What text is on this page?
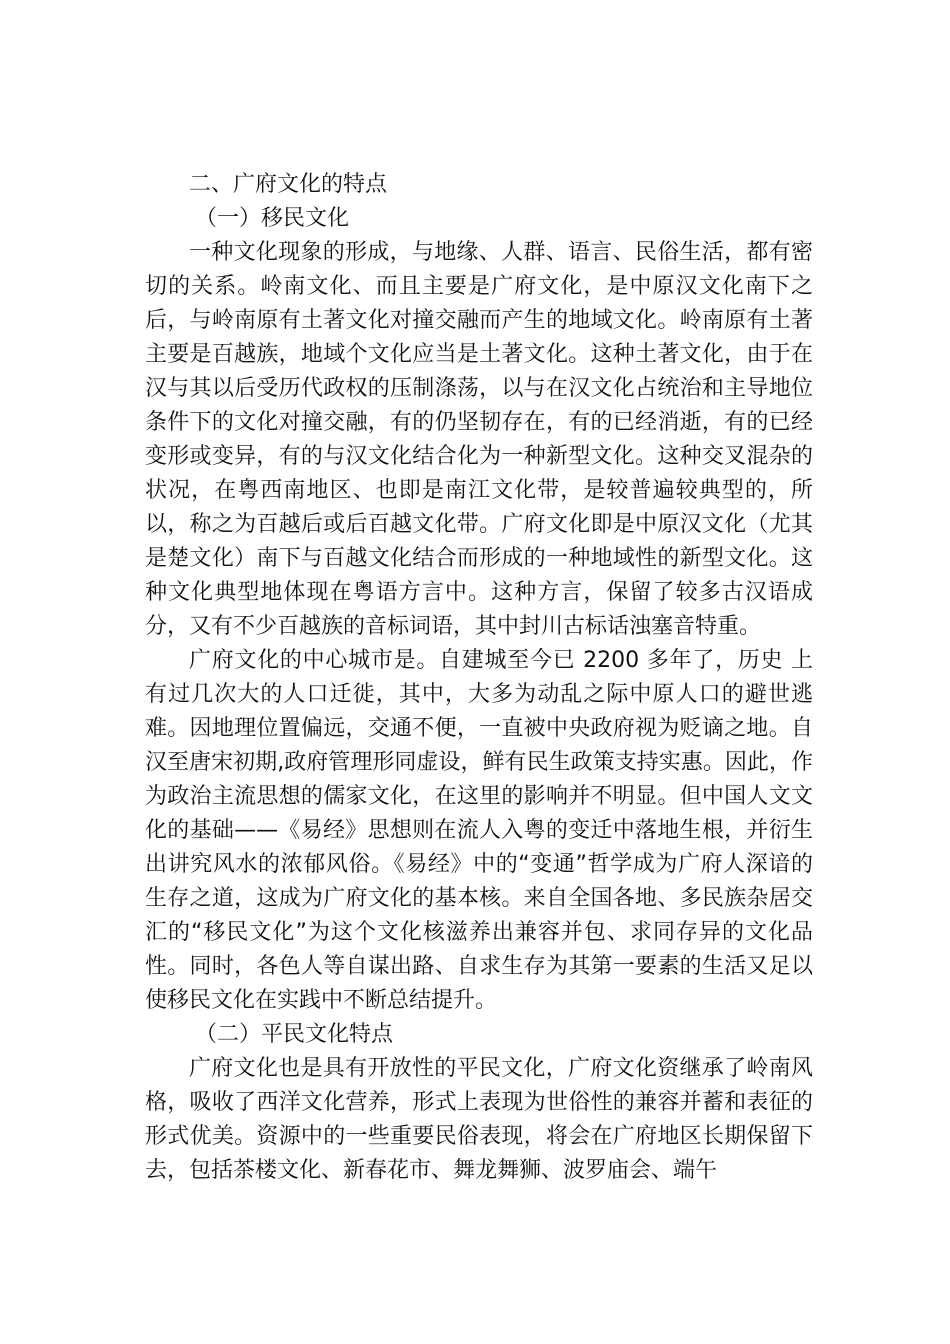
二、广府文化的特点

（一）移民文化

一种文化现象的形成，与地缘、人群、语言、民俗生活，都有密切的关系。岭南文化、而且主要是广府文化，是中原汉文化南下之后，与岭南原有土著文化对撞交融而产生的地域文化。岭南原有土著主要是百越族，地域个文化应当是土著文化。这种土著文化，由于在汉与其以后受历代政权的压制涤荡，以与在汉文化占统治和主导地位条件下的文化对撞交融，有的仍坚韧存在，有的已经消逝，有的已经变形或变异，有的与汉文化结合化为一种新型文化。这种交叉混杂的状况，在粤西南地区、也即是南江文化带，是较普遍较典型的，所以，称之为百越后或后百越文化带。广府文化即是中原汉文化（尤其是楚文化）南下与百越文化结合而形成的一种地域性的新型文化。这种文化典型地体现在粤语方言中。这种方言，保留了较多古汉语成分，又有不少百越族的音标词语，其中封川古标话浊塞音特重。

广府文化的中心城市是。自建城至今已 2200 多年了，历史 上有过几次大的人口迁徙，其中，大多为动乱之际中原人口的避世逃难。因地理位置偏远，交通不便，一直被中央政府视为贬谪之地。自汉至唐宋初期,政府管理形同虚设，鲜有民生政策支持实惠。因此，作为政治主流思想的儒家文化，在这里的影响并不明显。但中国人文文化的基础——《易经》思想则在流人入粤的变迁中落地生根，并衍生出讲究风水的浓郁风俗。《易经》中的“变通”哲学成为广府人深谙的生存之道，这成为广府文化的基本核。来自全国各地、多民族杂居交汇的“移民文化”为这个文化核滋养出兼容并包、求同存异的文化品性。同时，各色人等自谋出路、自求生存为其第一要素的生活又足以使移民文化在实践中不断总结提升。

（二）平民文化特点

广府文化也是具有开放性的平民文化，广府文化资继承了岭南风格，吸收了西洋文化营养，形式上表现为世俗性的兼容并蓄和表征的形式优美。资源中的一些重要民俗表现，将会在广府地区长期保留下去，包括茶楼文化、新春花市、舞龙舞狮、波罗庙会、端午
